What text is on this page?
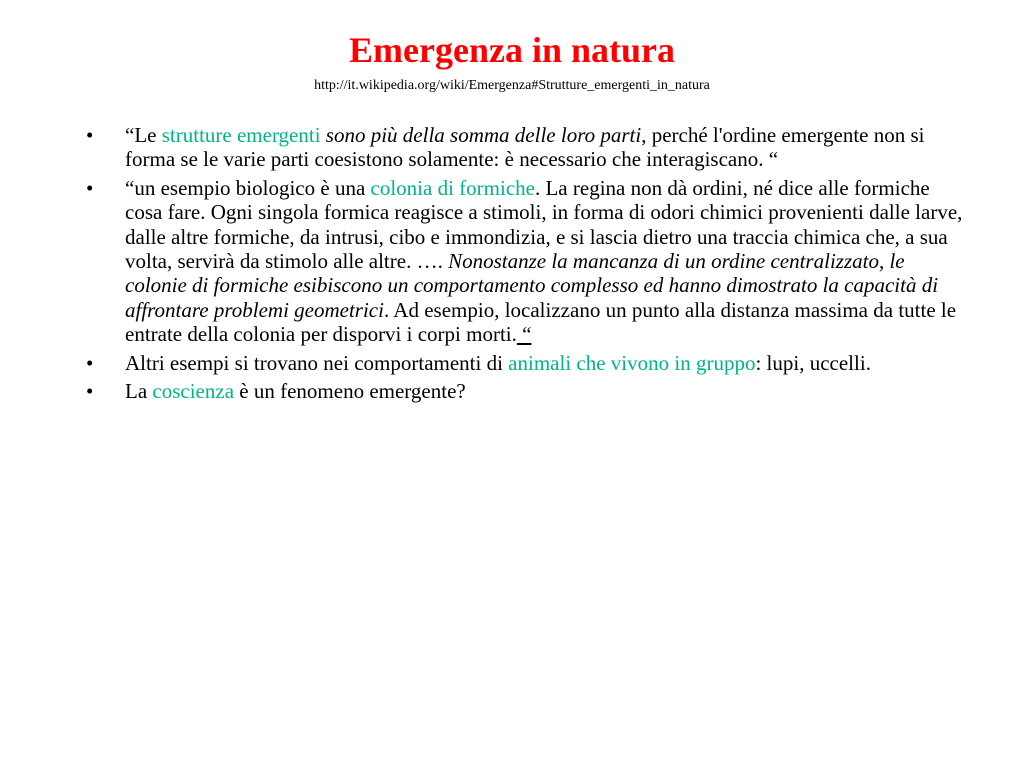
Emergenza in natura
http://it.wikipedia.org/wiki/Emergenza#Strutture_emergenti_in_natura
•	“Le strutture emergenti sono più della somma delle loro parti, perché l'ordine emergente non si forma se le varie parti coesistono solamente: è necessario che interagiscano. “
•	“un esempio biologico è una colonia di formiche. La regina non dà ordini, né dice alle formiche cosa fare. Ogni singola formica reagisce a stimoli, in forma di odori chimici provenienti dalle larve, dalle altre formiche, da intrusi, cibo e immondizia, e si lascia dietro una traccia chimica che, a sua volta, servirà da stimolo alle altre. …. Nonostanze la mancanza di un ordine centralizzato, le colonie di formiche esibiscono un comportamento complesso ed hanno dimostrato la capacità di affrontare problemi geometrici. Ad esempio, localizzano un punto alla distanza massima da tutte le entrate della colonia per disporvi i corpi morti. “
•	Altri esempi si trovano nei comportamenti di animali che vivono in gruppo: lupi, uccelli.
•	La coscienza è un fenomeno emergente?
